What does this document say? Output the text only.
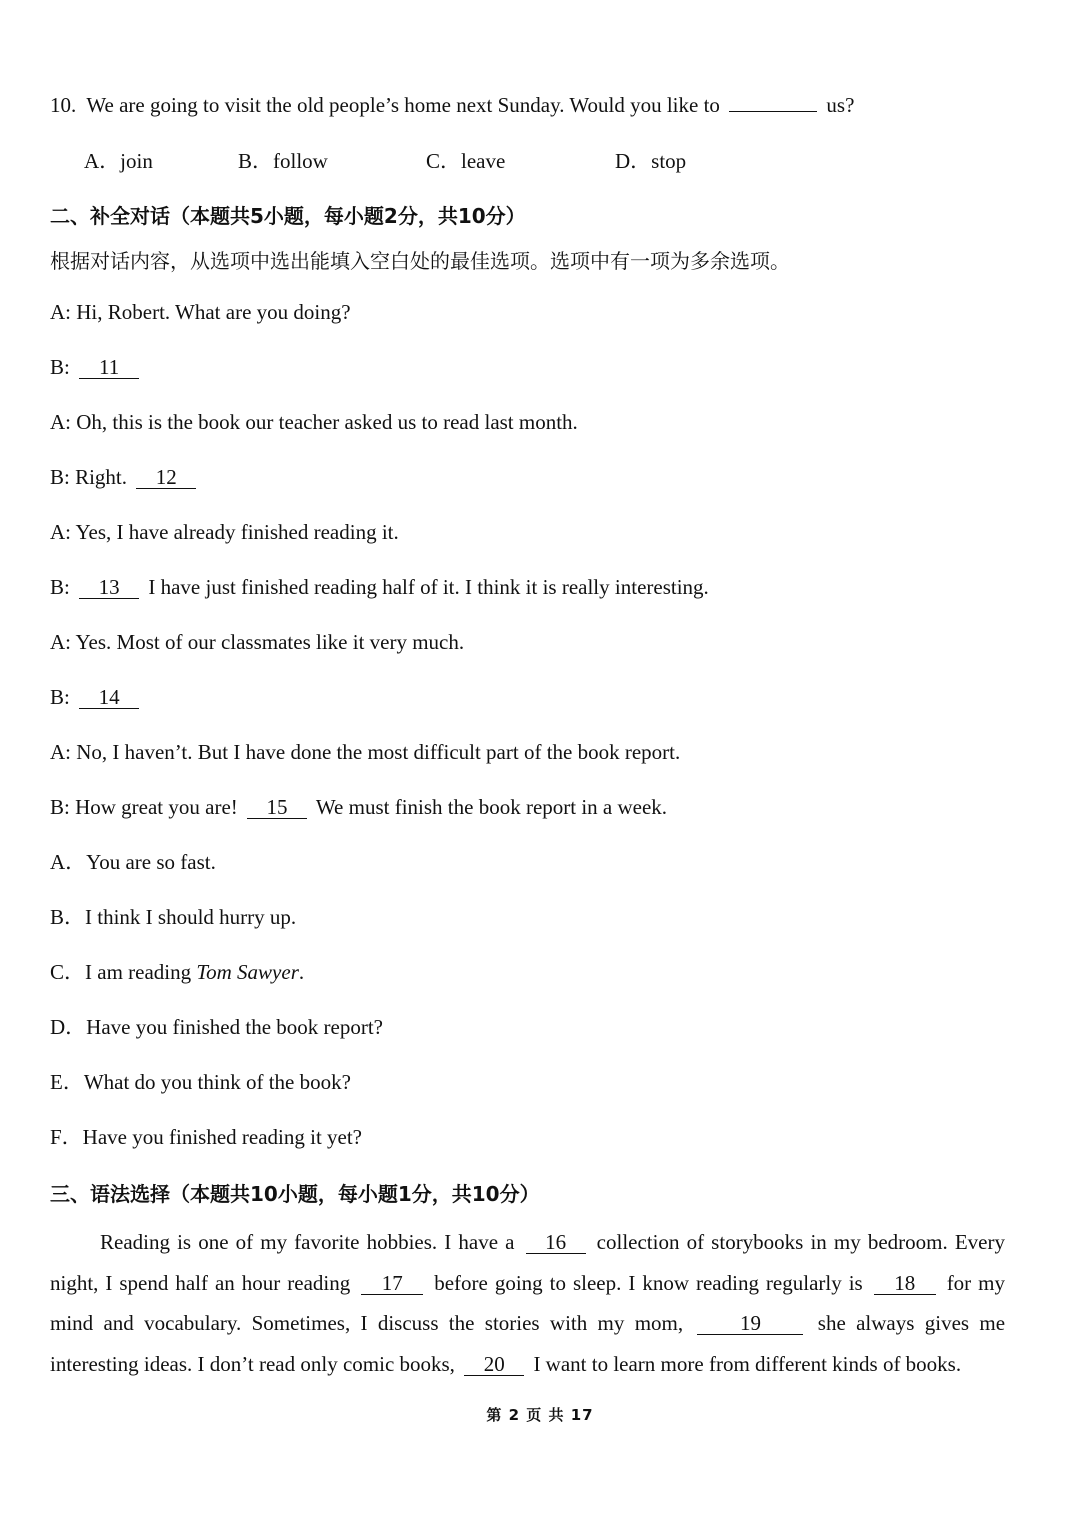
10. We are going to visit the old people’s home next Sunday. Would you like to	us?
A．join	B．follow	C．leave	D．stop
二、补全对话（本题共5小题，每小题2分，共10分）
根据对话内容，从选项中选出能填入空白处的最佳选项。选项中有一项为多余选项。
A: Hi, Robert. What are you doing?
B: 11
A: Oh, this is the book our teacher asked us to read last month.
B: Right. 12
A: Yes, I have already finished reading it.
B: 13 I have just finished reading half of it. I think it is really interesting.
A: Yes. Most of our classmates like it very much.
B: 14
A: No, I haven’t. But I have done the most difficult part of the book report.
B: How great you are! 15 We must finish the book report in a week.
A．You are so fast.
B．I think I should hurry up.
C．I am reading Tom Sawyer.
D．Have you finished the book report?
E．What do you think of the book?
F．Have you finished reading it yet?
三、语法选择（本题共10小题，每小题1分，共10分）
Reading is one of my favorite hobbies. I have a 16 collection of storybooks in my bedroom. Every night, I spend half an hour reading 17 before going to sleep. I know reading regularly is 18 for my mind and vocabulary. Sometimes, I discuss the stories with my mom,	19	she always gives me interesting ideas. I don’t read only comic books, 20 I want to learn more from different kinds of books.
第 2 页 共 17
